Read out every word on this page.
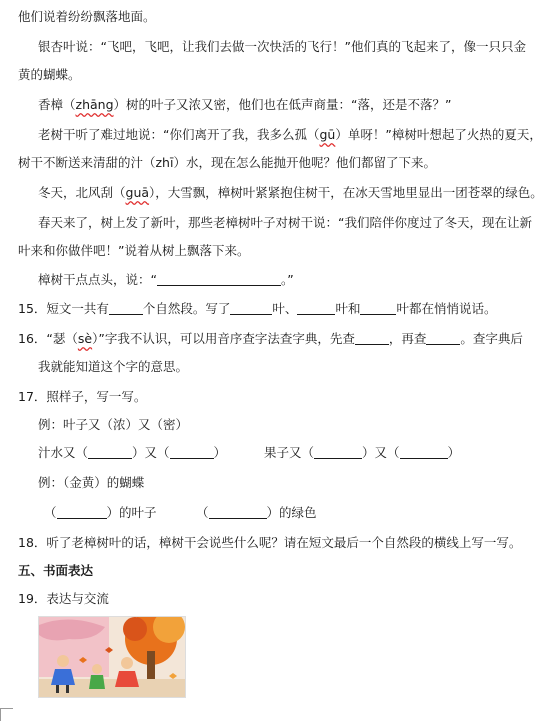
他们说着纷纷飘落地面。
银杏叶说：“飞吧，飞吧，让我们去做一次快活的飞行！”他们真的飞起来了，像一只只金
黄的蝴蝶。
香樟（zhāng）树的叶子又浓又密，他们也在低声商量：“落，还是不落？”
老树干听了难过地说：“你们离开了我，我多么孤（gū）单呀！”樟树叶想起了火热的夏天，
树干不断送来清甜的汁（zhī）水，现在怎么能抛开他呢？他们都留了下来。
冬天，北风刮（guā），大雪飘，樟树叶紧紧抱住树干，在冰天雪地里显出一团苍翠的绿色。
春天来了，树上发了新叶，那些老樟树叶子对树干说：“我们陪伴你度过了冬天，现在让新
叶来和你做伴吧！”说着从树上飘落下来。
樟树干点点头，说：“	。”
15．短文一共有	个自然段。写了	叶、	叶和	叶都在悄悄说话。
16．“瑟（sè）”字我不认识，可以用音序查字法查字典，先查	，再查	。查字典后
我就能知道这个字的意思。
17．照样子，写一写。
例：叶子又（浓）又（密）
汁水又（	）又（	）	果子又（	）又（	）
例：（金黄）的蝴蝶
（	）的叶子	（	）的绿色
18．听了老樟树叶的话，樟树干会说些什么呢？请在短文最后一个自然段的横线上写一写。
五、书面表达
19．表达与交流
